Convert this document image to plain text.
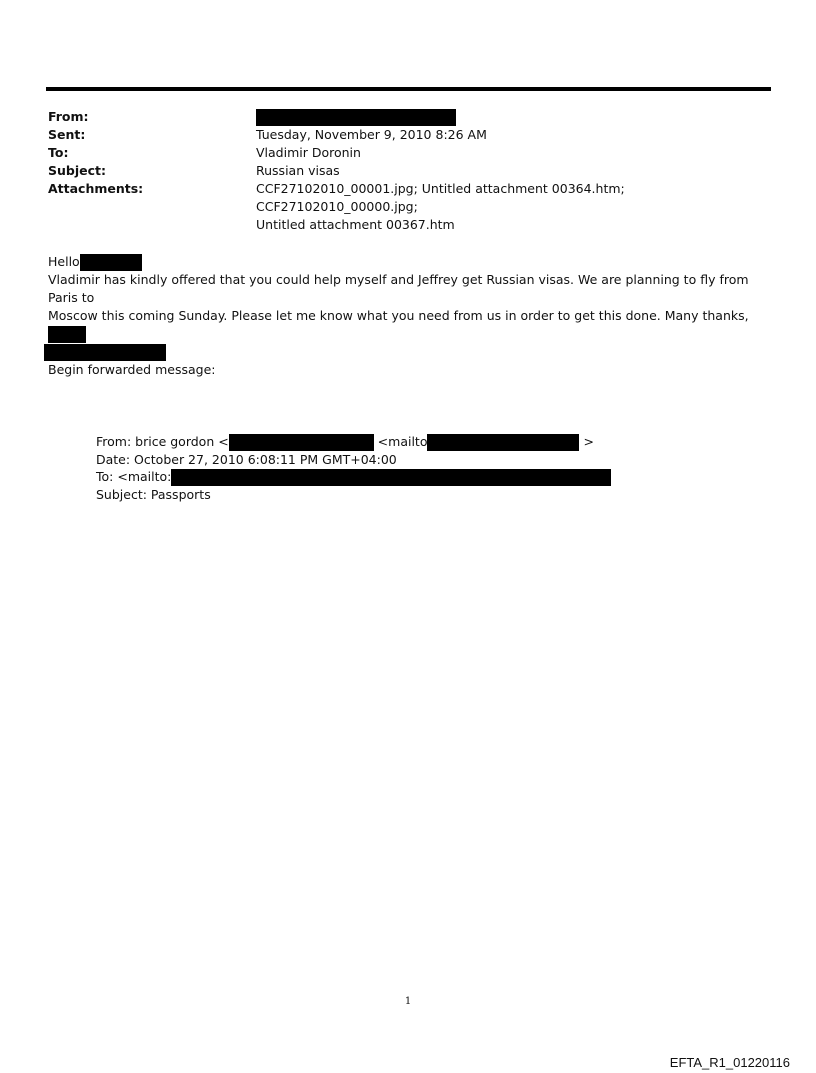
From:
Sent:	Tuesday, November 9, 2010 8:26 AM
To:	Vladimir Doronin
Subject:	Russian visas
Attachments:	CCF27102010_00001.jpg; Untitled attachment 00364.htm; CCF27102010_00000.jpg;
Untitled attachment 00367.htm
Hello
Vladimir has kindly offered that you could help myself and Jeffrey get Russian visas. We are planning to fly from Paris to
Moscow this coming Sunday. Please let me know what you need from us in order to get this done. Many thanks,
Begin forwarded message:
From: brice gordon <	<mailto	>
Date: October 27, 2010 6:08:11 PM GMT+04:00
To: <mailto:
Subject: Passports
1
EFTA_R1_01220116
